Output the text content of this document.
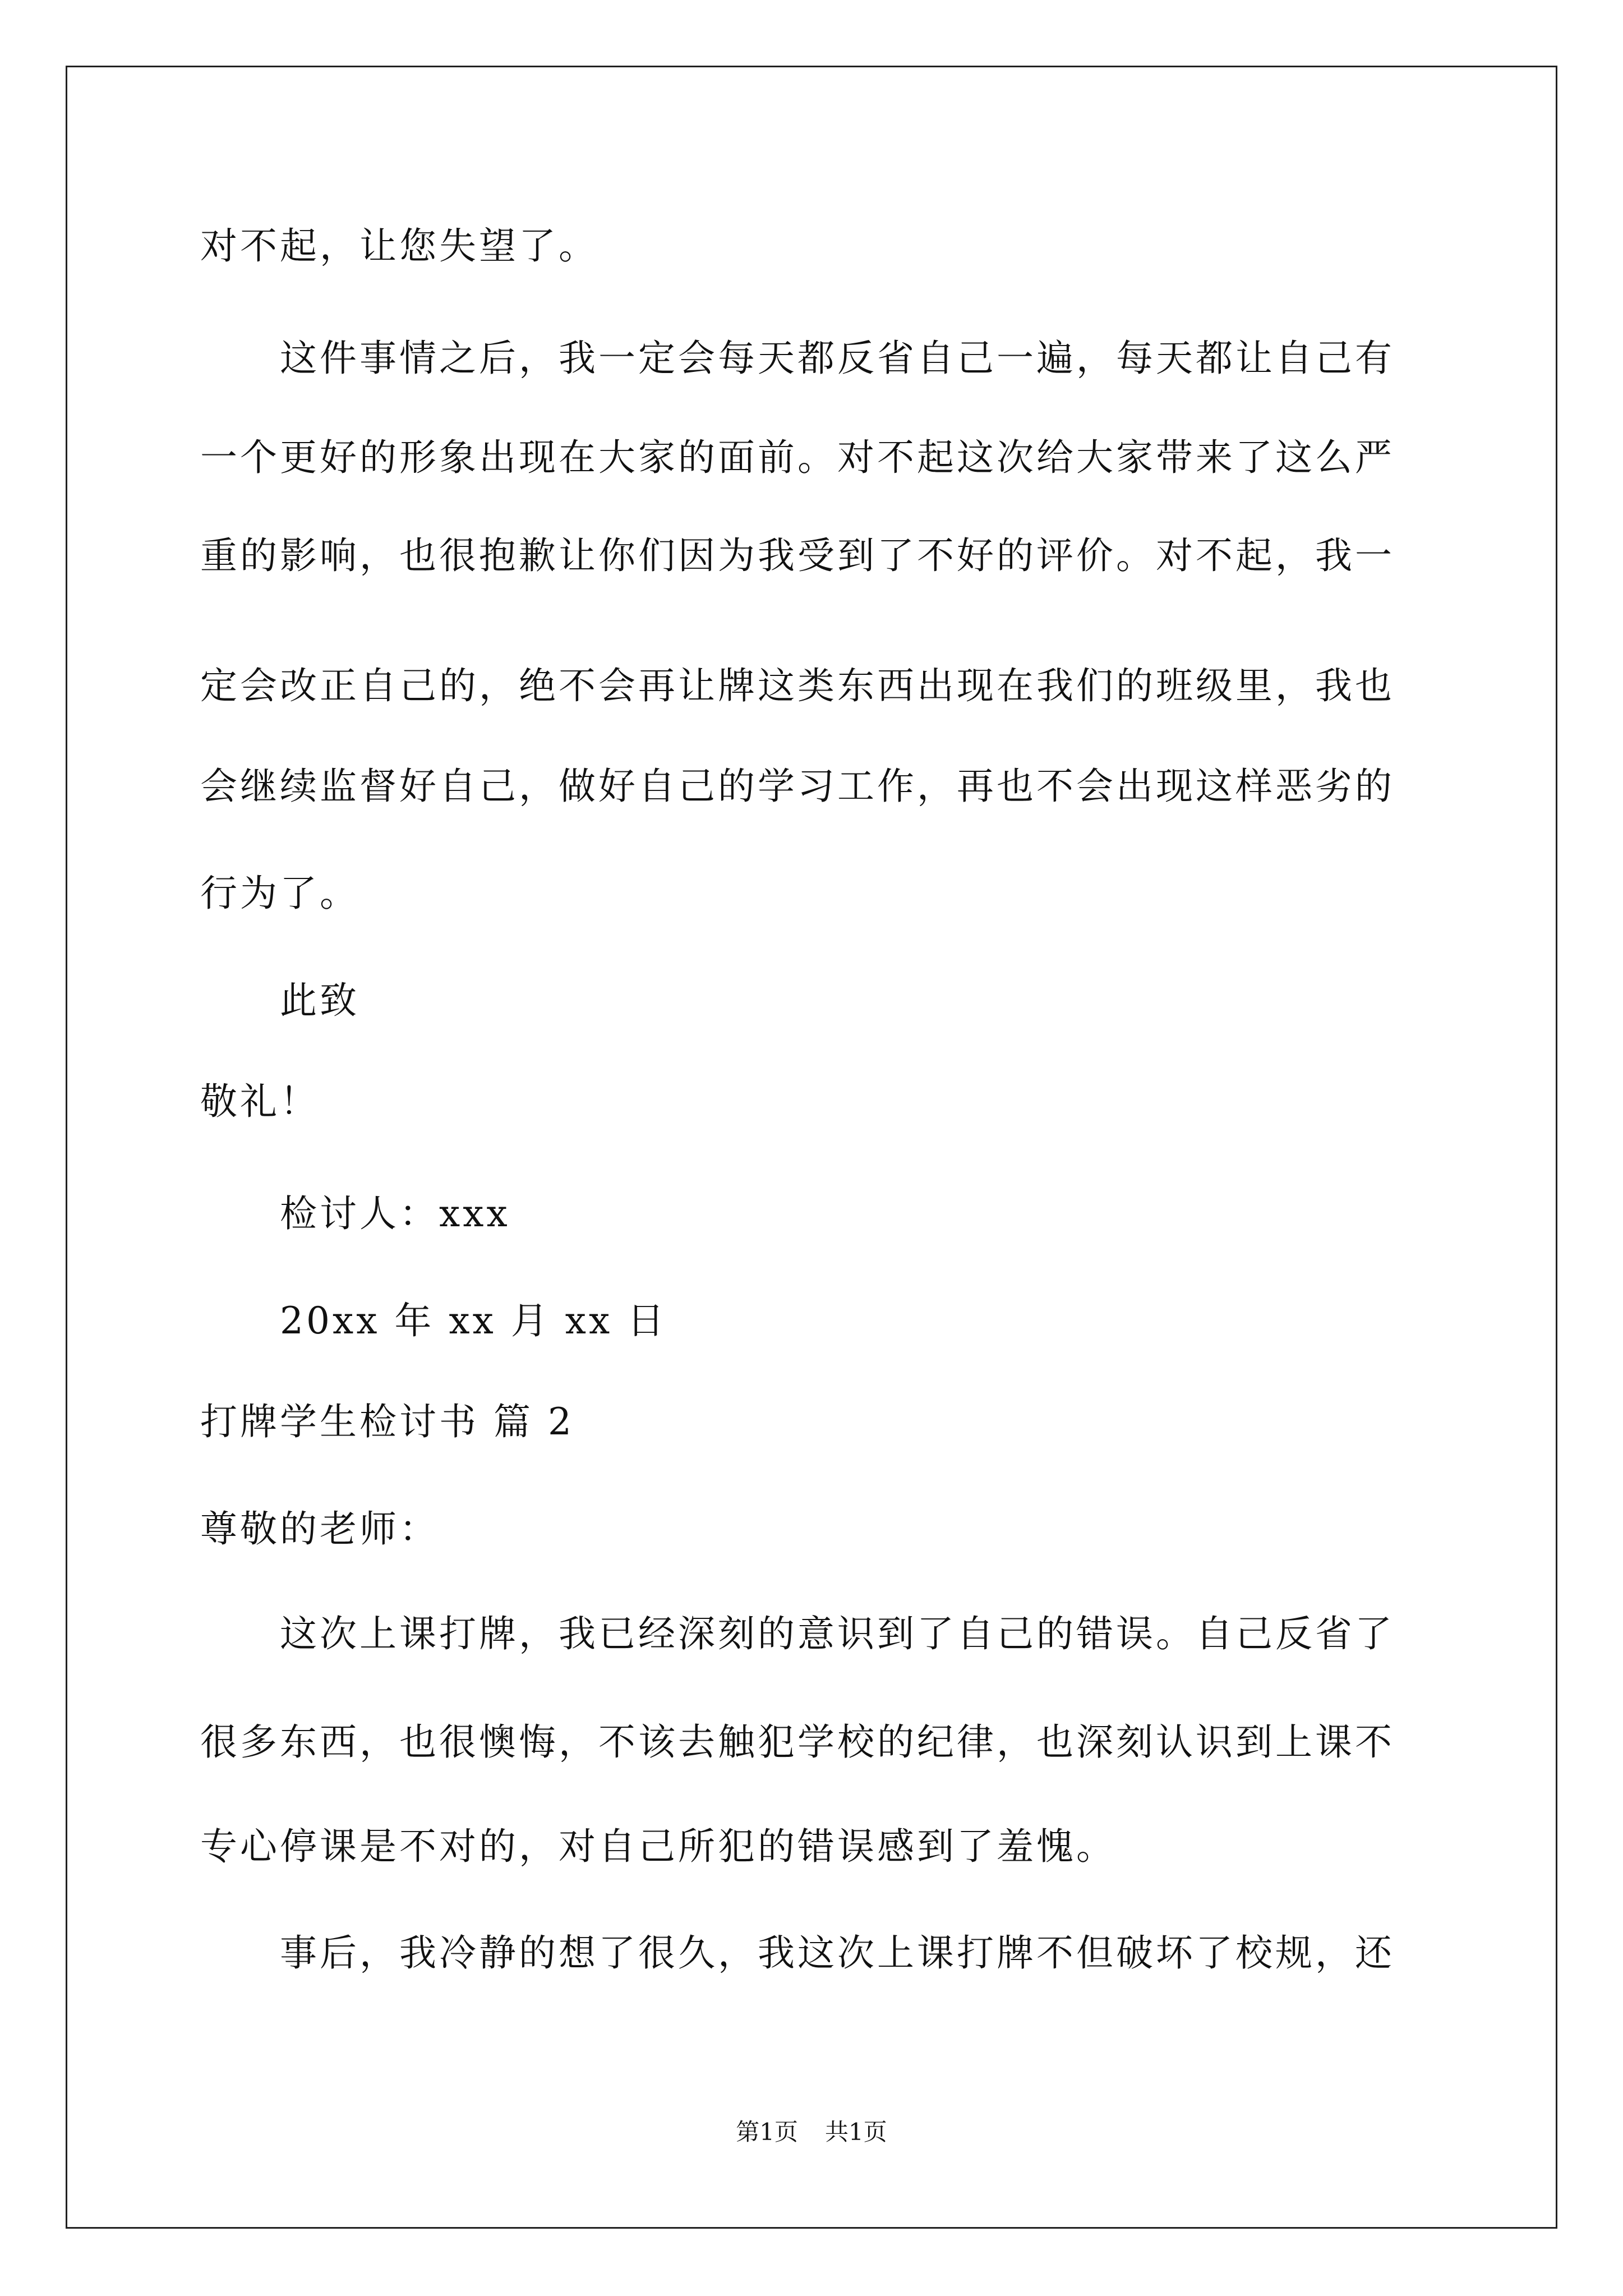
对不起，让您失望了。
这件事情之后，我一定会每天都反省自己一遍，每天都让自己有
一个更好的形象出现在大家的面前。对不起这次给大家带来了这么严
重的影响，也很抱歉让你们因为我受到了不好的评价。对不起，我一
定会改正自己的，绝不会再让牌这类东西出现在我们的班级里，我也
会继续监督好自己，做好自己的学习工作，再也不会出现这样恶劣的
行为了。
此致
敬礼！
检讨人：xxx
20xx 年 xx 月 xx 日
打牌学生检讨书 篇 2
尊敬的老师：
这次上课打牌，我已经深刻的意识到了自己的错误。自己反省了
很多东西，也很懊悔，不该去触犯学校的纪律，也深刻认识到上课不
专心停课是不对的，对自己所犯的错误感到了羞愧。
事后，我冷静的想了很久，我这次上课打牌不但破坏了校规，还
第1页 共1页
